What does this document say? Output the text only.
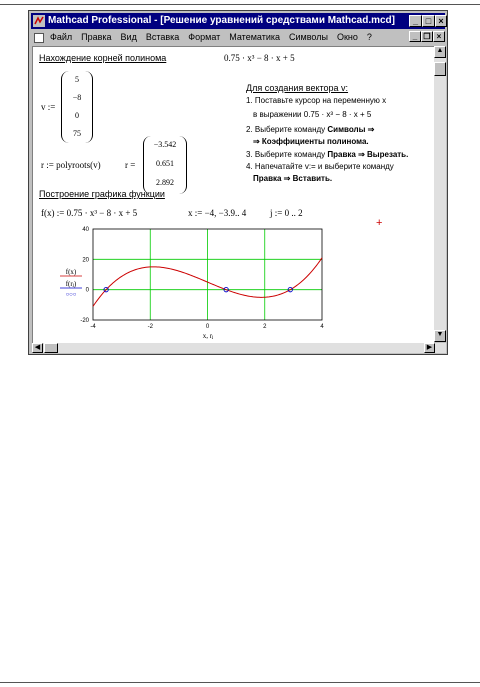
Mathcad Professional - [Решение уравнений средствами Mathcad.mcd]	_ □ ×
Файл Правка Вид Вставка Формат Математика Символы Окно ?	_ ❐ ×
Нахождение корней полинома	0.75 · x³ − 8 · x + 5
v :=
5
−8
0
75
r := polyroots(v)	r =
−3.542
0.651
2.892
Для создания вектора v:
1. Поставьте курсор на переменную x
в выражении 0.75 · x³ − 8 · x + 5
2. Выберите команду Символы ⇒
⇒ Коэффициенты полинома.
3. Выберите команду Правка ⇒ Вырезать.
4. Напечатайте v:= и выберите команду
Правка ⇒ Вставить.
Построение графика функции
f(x) := 0.75 · x³ − 8 · x + 5	x := −4, −3.9.. 4	j := 0 .. 2
+
40
20
0
-20
-4	-2	0	2	4
f(x)
f(rⱼ)
○○○
x, rⱼ
▲
▼
◀	▶
